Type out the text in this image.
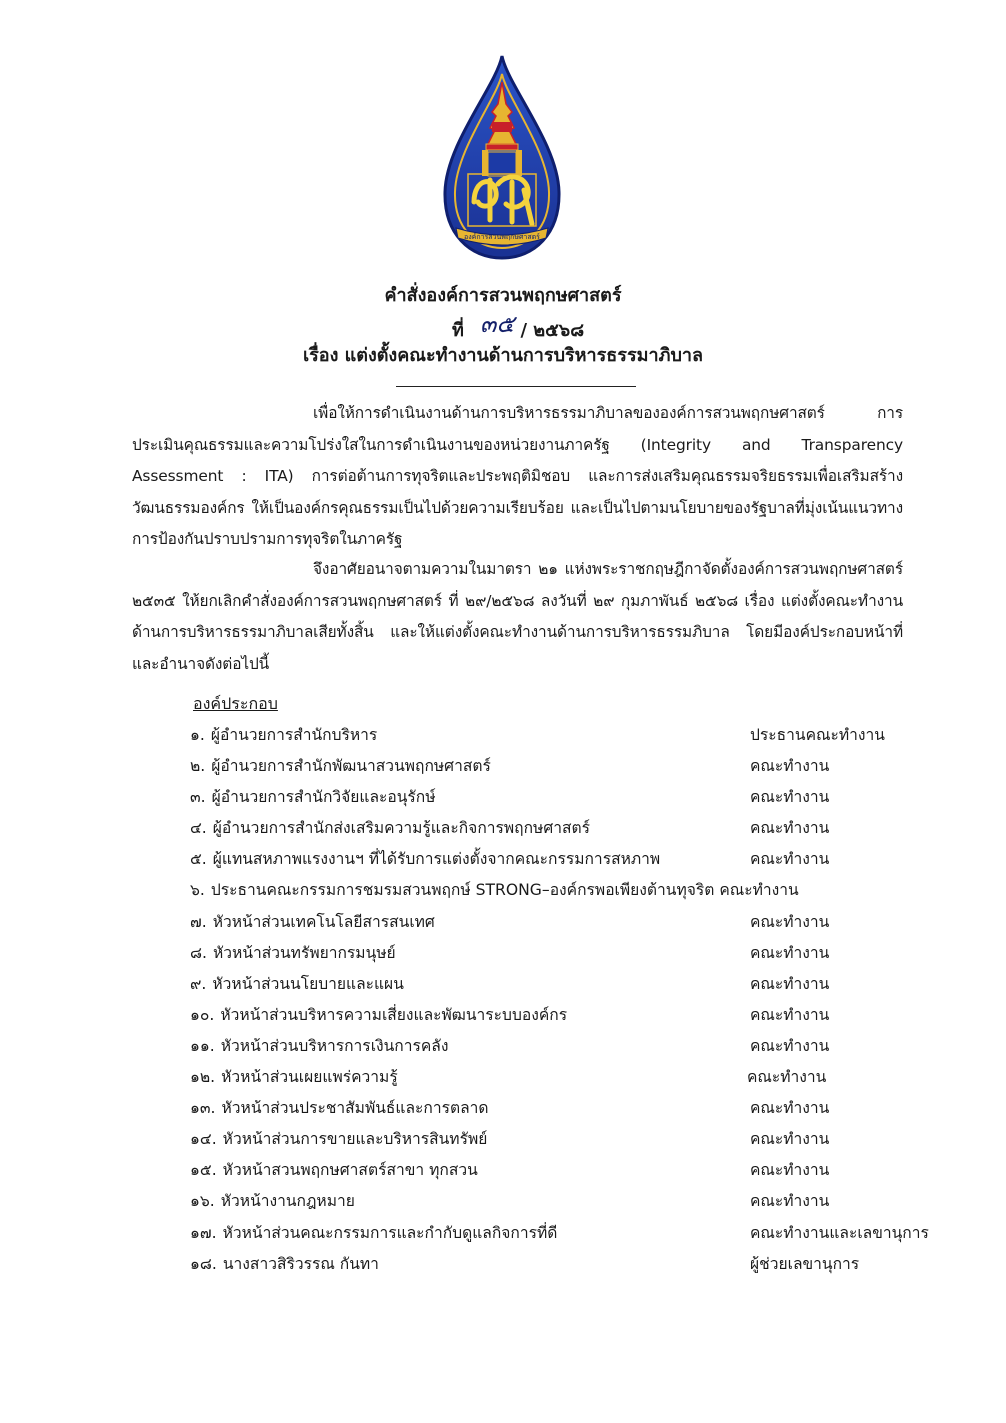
องค์การสวนพฤกษศาสตร์
คำสั่งองค์การสวนพฤกษศาสตร์
ที่ ๓๕ / ๒๕๖๘
เรื่อง แต่งตั้งคณะทำงานด้านการบริหารธรรมาภิบาล
เพื่อให้การดำเนินงานด้านการบริหารธรรมาภิบาลขององค์การสวนพฤกษศาสตร์ การประเมินคุณธรรมและความโปร่งใสในการดำเนินงานของหน่วยงานภาครัฐ (Integrity and Transparency Assessment : ITA) การต่อต้านการทุจริตและประพฤติมิชอบ และการส่งเสริมคุณธรรมจริยธรรมเพื่อเสริมสร้างวัฒนธรรมองค์กร ให้เป็นองค์กรคุณธรรมเป็นไปด้วยความเรียบร้อย และเป็นไปตามนโยบายของรัฐบาลที่มุ่งเน้นแนวทางการป้องกันปราบปรามการทุจริตในภาครัฐ
จึงอาศัยอนาจตามความในมาตรา ๒๑ แห่งพระราชกฤษฎีกาจัดตั้งองค์การสวนพฤกษศาสตร์ ๒๕๓๕ ให้ยกเลิกคำสั่งองค์การสวนพฤกษศาสตร์ ที่ ๒๙/๒๕๖๘ ลงวันที่ ๒๙ กุมภาพันธ์ ๒๕๖๘ เรื่อง แต่งตั้งคณะทำงานด้านการบริหารธรรมาภิบาลเสียทั้งสิ้น และให้แต่งตั้งคณะทำงานด้านการบริหารธรรมภิบาล โดยมีองค์ประกอบหน้าที่และอำนาจดังต่อไปนี้
องค์ประกอบ
๑. ผู้อำนวยการสำนักบริหาร	ประธานคณะทำงาน
๒. ผู้อำนวยการสำนักพัฒนาสวนพฤกษศาสตร์	คณะทำงาน
๓. ผู้อำนวยการสำนักวิจัยและอนุรักษ์	คณะทำงาน
๔. ผู้อำนวยการสำนักส่งเสริมความรู้และกิจการพฤกษศาสตร์	คณะทำงาน
๕. ผู้แทนสหภาพแรงงานฯ ที่ได้รับการแต่งตั้งจากคณะกรรมการสหภาพ	คณะทำงาน
๖. ประธานคณะกรรมการชมรมสวนพฤกษ์ STRONG–องค์กรพอเพียงต้านทุจริต คณะทำงาน
๗. หัวหน้าส่วนเทคโนโลยีสารสนเทศ	คณะทำงาน
๘. หัวหน้าส่วนทรัพยากรมนุษย์	คณะทำงาน
๙. หัวหน้าส่วนนโยบายและแผน	คณะทำงาน
๑๐. หัวหน้าส่วนบริหารความเสี่ยงและพัฒนาระบบองค์กร	คณะทำงาน
๑๑. หัวหน้าส่วนบริหารการเงินการคลัง	คณะทำงาน
๑๒. หัวหน้าส่วนเผยแพร่ความรู้	คณะทำงาน
๑๓. หัวหน้าส่วนประชาสัมพันธ์และการตลาด	คณะทำงาน
๑๔. หัวหน้าส่วนการขายและบริหารสินทรัพย์	คณะทำงาน
๑๕. หัวหน้าสวนพฤกษศาสตร์สาขา ทุกสวน	คณะทำงาน
๑๖. หัวหน้างานกฎหมาย	คณะทำงาน
๑๗. หัวหน้าส่วนคณะกรรมการและกำกับดูแลกิจการที่ดี	คณะทำงานและเลขานุการ
๑๘. นางสาวสิริวรรณ กันทา	ผู้ช่วยเลขานุการ
